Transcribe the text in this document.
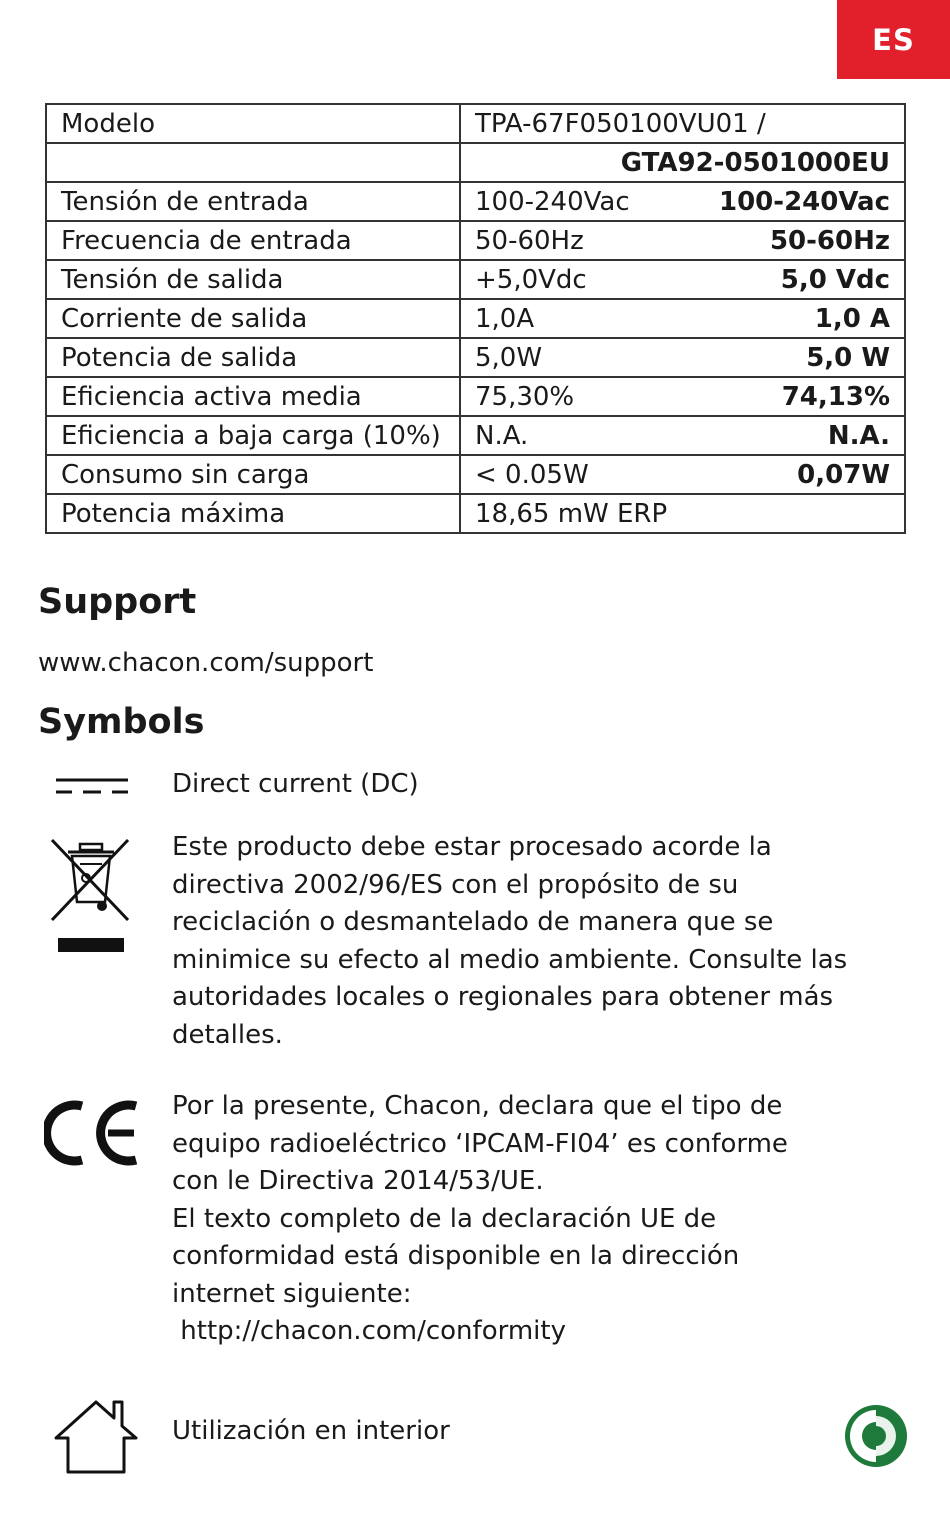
ES
Modelo	TPA-67F050100VU01 /
	GTA92-0501000EU
Tensión de entrada	100-240Vac 100-240Vac

Frecuencia de entrada	50-60Hz 50-60Hz

Tensión de salida	+5,0Vdc 5,0 Vdc

Corriente de salida	1,0A 1,0 A

Potencia de salida	5,0W 5,0 W

Eficiencia activa media	75,30% 74,13%

Eficiencia a baja carga (10%)	N.A. N.A.

Consumo sin carga	< 0.05W 0,07W

Potencia máxima	18,65 mW ERP
Support
www.chacon.com/support
Symbols
Direct current (DC)
Este producto debe estar procesado acorde la
directiva 2002/96/ES con el propósito de su
reciclación o desmantelado de manera que se
minimice su efecto al medio ambiente. Consulte las
autoridades locales o regionales para obtener más
detalles.
Por la presente, Chacon, declara que el tipo de
equipo radioeléctrico ‘IPCAM-FI04’ es conforme
con le Directiva 2014/53/UE.
El texto completo de la declaración UE de
conformidad está disponible en la dirección
internet siguiente:
http://chacon.com/conformity
Utilización en interior
